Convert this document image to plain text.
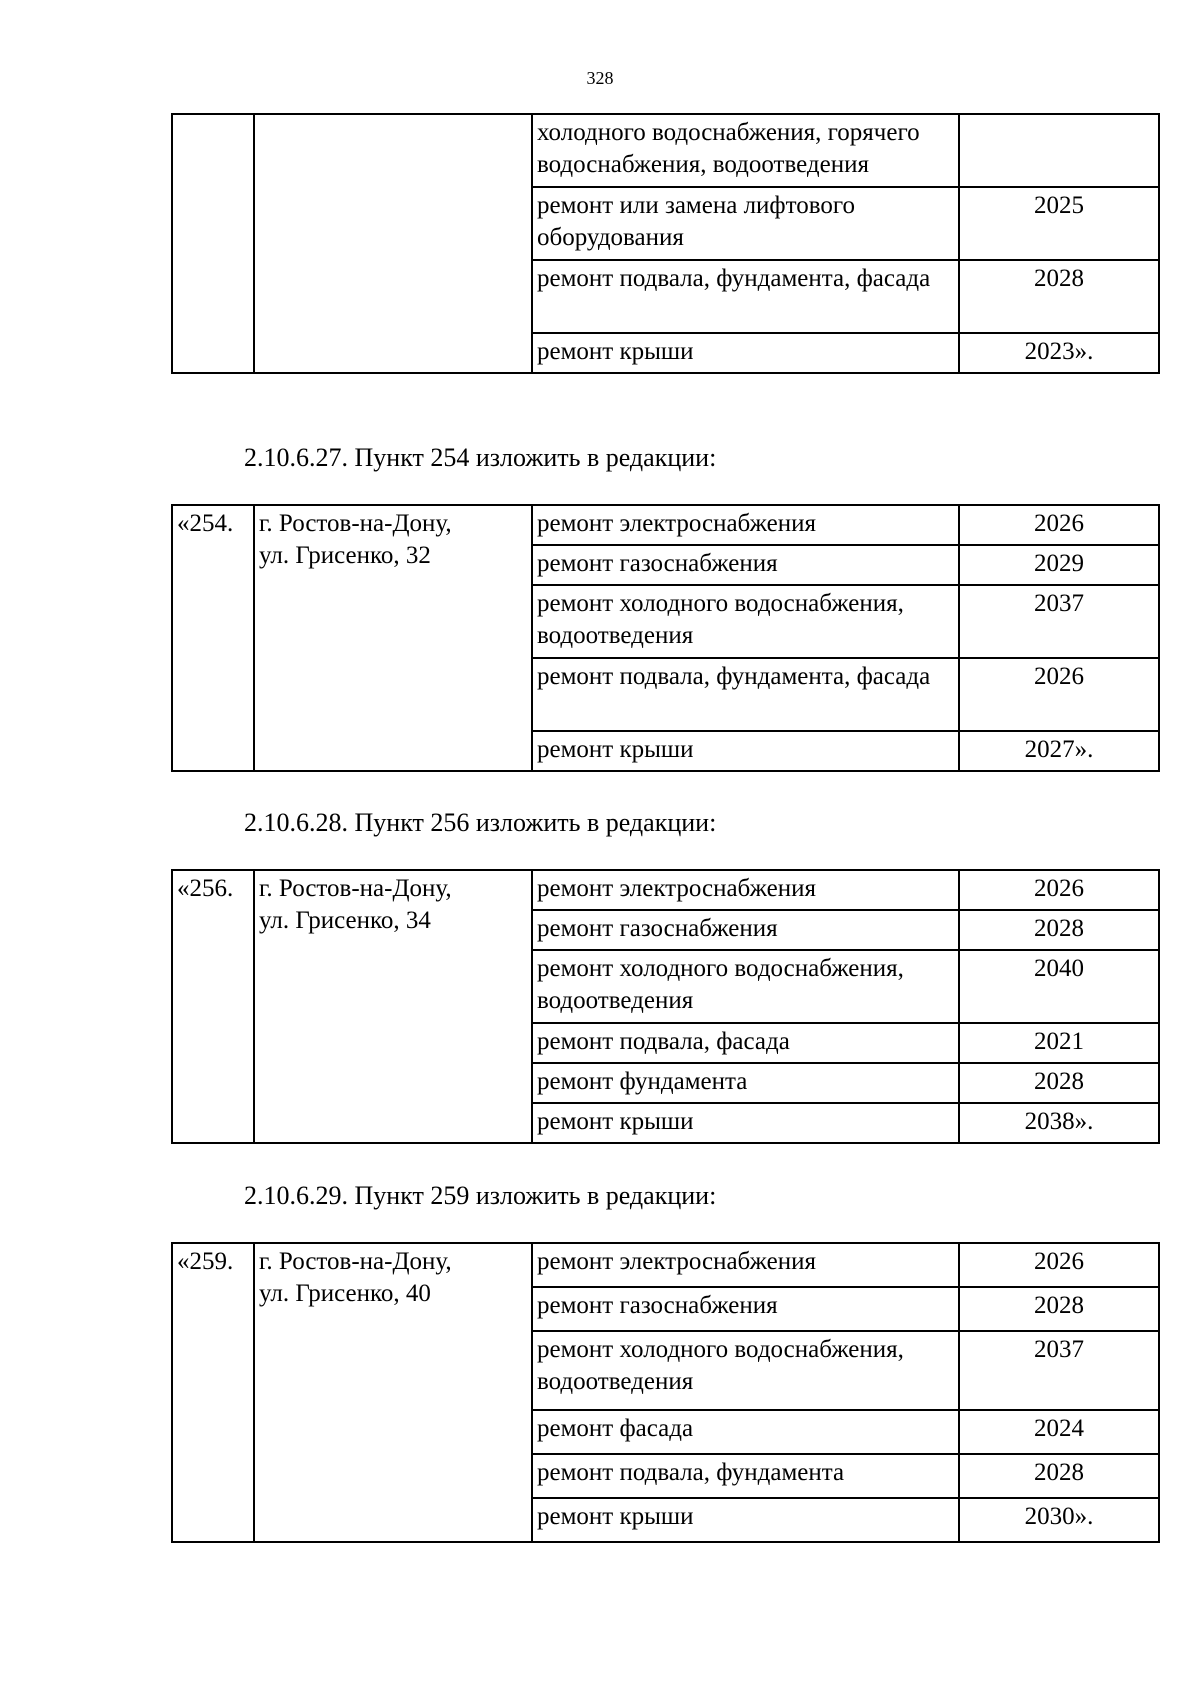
328
		холодного водоснабжения, горячего водоснабжения, водоотведения	
		ремонт или замена лифтового оборудования	2025
		ремонт подвала, фундамента, фасада	2028
		ремонт крыши	2023».
2.10.6.27. Пункт 254 изложить в редакции:
«254.	г. Ростов-на-Дону,
ул. Грисенко, 32	ремонт электроснабжения	2026
		ремонт газоснабжения	2029
		ремонт холодного водоснабжения, водоотведения	2037
		ремонт подвала, фундамента, фасада	2026
		ремонт крыши	2027».
2.10.6.28. Пункт 256 изложить в редакции:
«256.	г. Ростов-на-Дону,
ул. Грисенко, 34	ремонт электроснабжения	2026
		ремонт газоснабжения	2028
		ремонт холодного водоснабжения, водоотведения	2040
		ремонт подвала, фасада	2021
		ремонт фундамента	2028
		ремонт крыши	2038».
2.10.6.29. Пункт 259 изложить в редакции:
«259.	г. Ростов-на-Дону,
ул. Грисенко, 40	ремонт электроснабжения	2026
		ремонт газоснабжения	2028
		ремонт холодного водоснабжения, водоотведения	2037
		ремонт фасада	2024
		ремонт подвала, фундамента	2028
		ремонт крыши	2030».
